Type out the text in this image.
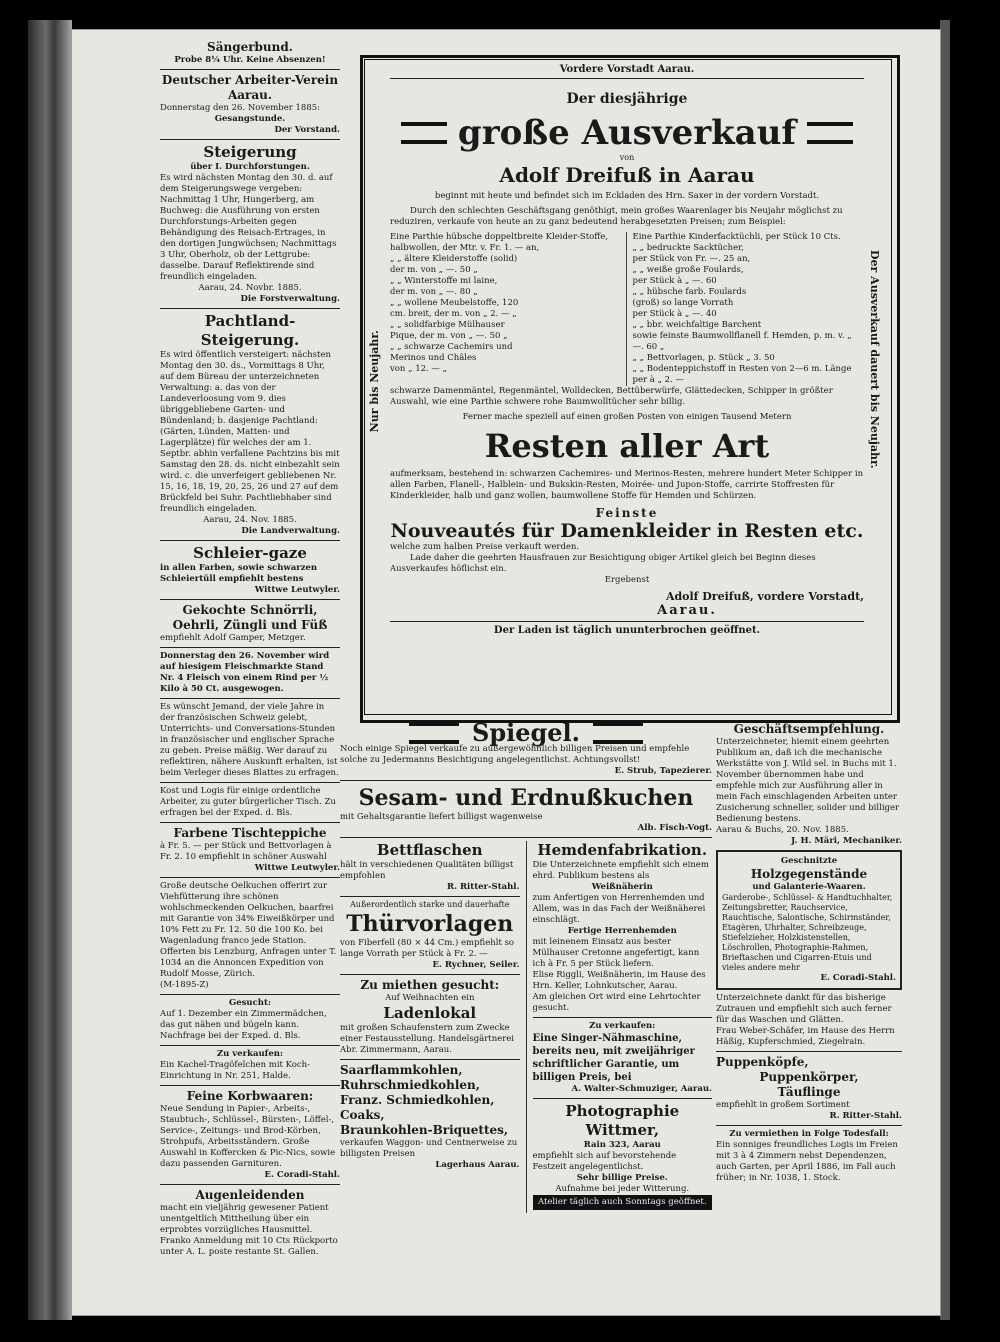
Sängerbund.

Probe 8¼ Uhr. Keine Absenzen!

Deutscher Arbeiter-Verein Aarau.

Donnerstag den 26. November 1885:

Gesangstunde.

Der Vorstand.

Steigerung

über I. Durchforstungen.

Es wird nächsten Montag den 30. d. auf dem Steigerungswege vergeben: Nachmittag 1 Uhr, Hungerberg, am Buchweg: die Ausführung von ersten Durchforstungs-Arbeiten gegen Behändigung des Reisach-Ertrages, in den dortigen Jungwüchsen; Nachmittags 3 Uhr, Oberholz, ob der Lettgrube: dasselbe. Darauf Reflektirende sind freundlich eingeladen.

Aarau, 24. Novbr. 1885.

Die Forstverwaltung.

Pachtland-Steigerung.

Es wird öffentlich versteigert: nächsten Montag den 30. ds., Vormittags 8 Uhr, auf dem Büreau der unterzeichneten Verwaltung: a. das von der Landeverloosung vom 9. dies übriggebliebene Garten- und Bündenland; b. dasjenige Pachtland: (Gärten, Lünden, Matten- und Lagerplätze) für welches der am 1. Septbr. abhin verfallene Pachtzins bis mit Samstag den 28. ds. nicht einbezahlt sein wird. c. die unverfeigert gebliebenen Nr. 15, 16, 18, 19, 20, 25, 26 und 27 auf dem Brückfeld bei Suhr. Pachtliebhaber sind freundlich eingeladen.

Aarau, 24. Nov. 1885.

Die Landverwaltung.

Schleier-gaze

in allen Farben, sowie schwarzen Schleiertüll empfiehlt bestens

Wittwe Leutwyler.

Gekochte Schnörrli, Oehrli, Züngli und Füß

empfiehlt Adolf Gamper, Metzger.

Donnerstag den 26. November wird auf hiesigem Fleischmarkte Stand Nr. 4 Fleisch von einem Rind per ½ Kilo à 50 Ct. ausgewogen.

Es wünscht Jemand, der viele Jahre in der französischen Schweiz gelebt, Unterrichts- und Conversations-Stunden in französischer und englischer Sprache zu geben. Preise mäßig. Wer darauf zu reflektiren, nähere Auskunft erhalten, ist beim Verleger dieses Blattes zu erfragen.

Kost und Logis für einige ordentliche Arbeiter, zu guter bürgerlicher Tisch. Zu erfragen bei der Exped. d. Bls.

Farbene Tischteppiche

à Fr. 5. — per Stück und Bettvorlagen à Fr. 2. 10 empfiehlt in schöner Auswahl

Wittwe Leutwyler.

Große deutsche Oelkuchen offerirt zur Viehfütterung ihre schönen wohlschmeckenden Oelkuchen, baarfrei mit Garantie von 34% Eiweißkörper und 10% Fett zu Fr. 12. 50 die 100 Ko. bei Wagenladung franco jede Station. Offerten bis Lenzburg, Anfragen unter T. 1034 an die Annoncen Expedition von Rudolf Mosse, Zürich.

(M-1895-Z)

Gesucht:

Auf 1. Dezember ein Zimmermädchen, das gut nähen und bügeln kann. Nachfrage bei der Exped. d. Bls.

Zu verkaufen:

Ein Kachel-Tragöfelchen mit Koch-Einrichtung in Nr. 251, Halde.

Feine Korbwaaren:

Neue Sendung in Papier-, Arbeits-, Staubtuch-, Schlüssel-, Bürsten-, Löffel-, Service-, Zeitungs- und Brod-Körben, Strohpufs, Arbeitsständern. Große Auswahl in Koffercken & Pic-Nics, sowie dazu passenden Garnituren.

E. Coradi-Stahl.

Augenleidenden

macht ein vieljährig gewesener Patient unentgeltlich Mittheilung über ein erprobtes vorzügliches Hausmittel. Franko Anmeldung mit 10 Cts Rückporto unter A. L. poste restante St. Gallen.

Nur bis Neujahr.	Der Ausverkauf dauert bis Neujahr.

Vordere Vorstadt Aarau.

Der diesjährige

große Ausverkauf

von

Adolf Dreifuß in Aarau

beginnt mit heute und befindet sich im Eckladen des Hrn. Saxer in der vordern Vorstadt.

Durch den schlechten Geschäftsgang genöthigt, mein großes Waarenlager bis Neujahr möglichst zu reduziren, verkaufe von heute an zu ganz bedeutend herabgesetzten Preisen; zum Beispiel:

Eine Parthie hübsche doppeltbreite Kleider-Stoffe,

halbwollen, der Mtr. v. Fr. 1. — an,

„ „ ältere Kleiderstoffe (solid)

der m. von „ —. 50 „

„ „ Winterstoffe mi laine,

der m. von „ —. 80 „

„ „ wollene Meubelstoffe, 120

cm. breit, der m. von „ 2. — „

„ „ solidfarbige Mülhauser

Pique, der m. von „ —. 50 „

„ „ schwarze Cachemirs und

Merinos und Châles

von „ 12. — „

Eine Parthie Kinderfacktüchli, per Stück 10 Cts.

„ „ bedruckte Sacktücher,

per Stück von Fr. —. 25 an,

„ „ weiße große Foulards,

per Stück à „ —. 60

„ „ hübsche farb. Foulards

(groß) so lange Vorrath

per Stück à „ —. 40

„ „ bbr. weichfaltige Barchent

sowie feinste Baumwollflanell f. Hemden, p. m. v. „ —. 60 „

„ „ Bettvorlagen, p. Stück „ 3. 50

„ „ Bodenteppichstoff in Resten von 2—6 m. Länge

per à „ 2. —

schwarze Damenmäntel, Regenmäntel, Wolldecken, Bettüberwürfe, Glättedecken, Schipper in größter Auswahl, wie eine Parthie schwere rohe Baumwolltücher sehr billig.

Ferner mache speziell auf einen großen Posten von einigen Tausend Metern

Resten aller Art

aufmerksam, bestehend in: schwarzen Cachemires- und Merinos-Resten, mehrere hundert Meter Schipper in allen Farben, Flanell-, Halblein- und Bukskin-Resten, Moirée- und Jupon-Stoffe, carrirte Stoffresten für Kinderkleider, halb und ganz wollen, baumwollene Stoffe für Hemden und Schürzen.

Feinste

Nouveautés für Damenkleider in Resten etc.

welche zum halben Preise verkauft werden.

Lade daher die geehrten Hausfrauen zur Besichtigung obiger Artikel gleich bei Beginn dieses Ausverkaufes höflichst ein.

Ergebenst

Adolf Dreifuß, vordere Vorstadt,

Aarau.

Der Laden ist täglich ununterbrochen geöffnet.

Spiegel.

Noch einige Spiegel verkaufe zu außergewöhnlich billigen Preisen und empfehle solche zu Jedermanns Besichtigung angelegentlichst. Achtungsvollst!

E. Strub, Tapezierer.

Sesam- und Erdnußkuchen

mit Gehaltsgarantie liefert billigst wagenweise

Alb. Fisch-Vogt.

Bettflaschen

hält in verschiedenen Qualitäten billigst empfohlen

R. Ritter-Stahl.

Außerordentlich starke und dauerhafte

Thürvorlagen

von Fiberfell (80 × 44 Cm.) empfiehlt so lange Vorrath per Stück à Fr. 2. —

E. Rychner, Seiler.

Zu miethen gesucht:

Auf Weihnachten ein

Ladenlokal

mit großen Schaufenstern zum Zwecke einer Festausstellung. Handelsgärtnerei Abr. Zimmermann, Aarau.

Saarflammkohlen,

Ruhrschmiedkohlen,

Franz. Schmiedkohlen,

Coaks,

Braunkohlen-Briquettes,

verkaufen Waggon- und Centnerweise zu billigsten Preisen

Lagerhaus Aarau.

Hemdenfabrikation.

Die Unterzeichnete empfiehlt sich einem ehrd. Publikum bestens als

Weißnäherin

zum Anfertigen von Herrenhemden und Allem, was in das Fach der Weißnäherei einschlägt.

Fertige Herrenhemden

mit leinenem Einsatz aus bester Mülhauser Cretonne angefertigt, kann ich à Fr. 5 per Stück liefern.

Elise Riggli, Weißnäherin, im Hause des Hrn. Keller, Lohnkutscher, Aarau.

Am gleichen Ort wird eine Lehrtochter gesucht.

Zu verkaufen:

Eine Singer-Nähmaschine, bereits neu, mit zweijähriger schriftlicher Garantie, um billigen Preis, bei

A. Walter-Schmuziger, Aarau.

Photographie Wittmer,

Rain 323, Aarau

empfiehlt sich auf bevorstehende Festzeit angelegentlichst.

Sehr billige Preise.

Aufnahme bei jeder Witterung.

Atelier täglich auch Sonntags geöffnet.

Geschäftsempfehlung.

Unterzeichneter, hiemit einem geehrten Publikum an, daß ich die mechanische Werkstätte von J. Wild sel. in Buchs mit 1. November übernommen habe und empfehle mich zur Ausführung aller in mein Fach einschlagenden Arbeiten unter Zusicherung schneller, solider und billiger Bedienung bestens.

Aarau & Buchs, 20. Nov. 1885.

J. H. Märi, Mechaniker.

Geschnitzte

Holzgegenstände

und Galanterie-Waaren.

Garderobe-, Schlüssel- & Handtuchhalter, Zeitungsbretter, Rauchservice, Rauchtische, Salontische, Schirmständer, Etagèren, Uhrhalter, Schreibzeuge, Stiefelzieher, Holzkistenstellen, Löschrollen, Photographie-Rahmen, Brieftaschen und Cigarren-Etuis und vieles andere mehr

E. Coradi-Stahl.

Unterzeichnete dankt für das bisherige Zutrauen und empfiehlt sich auch ferner für das Waschen und Glätten.

Frau Weber-Schäfer, im Hause des Herrn Häßig, Kupferschmied, Ziegelrain.

Puppenköpfe,

Puppenkörper,

Täuflinge

empfiehlt in großem Sortiment

R. Ritter-Stahl.

Zu vermiethen in Folge Todesfall:

Ein sonniges freundliches Logis im Freien mit 3 à 4 Zimmern nebst Dependenzen, auch Garten, per April 1886, im Fall auch früher; in Nr. 1038, 1. Stock.
